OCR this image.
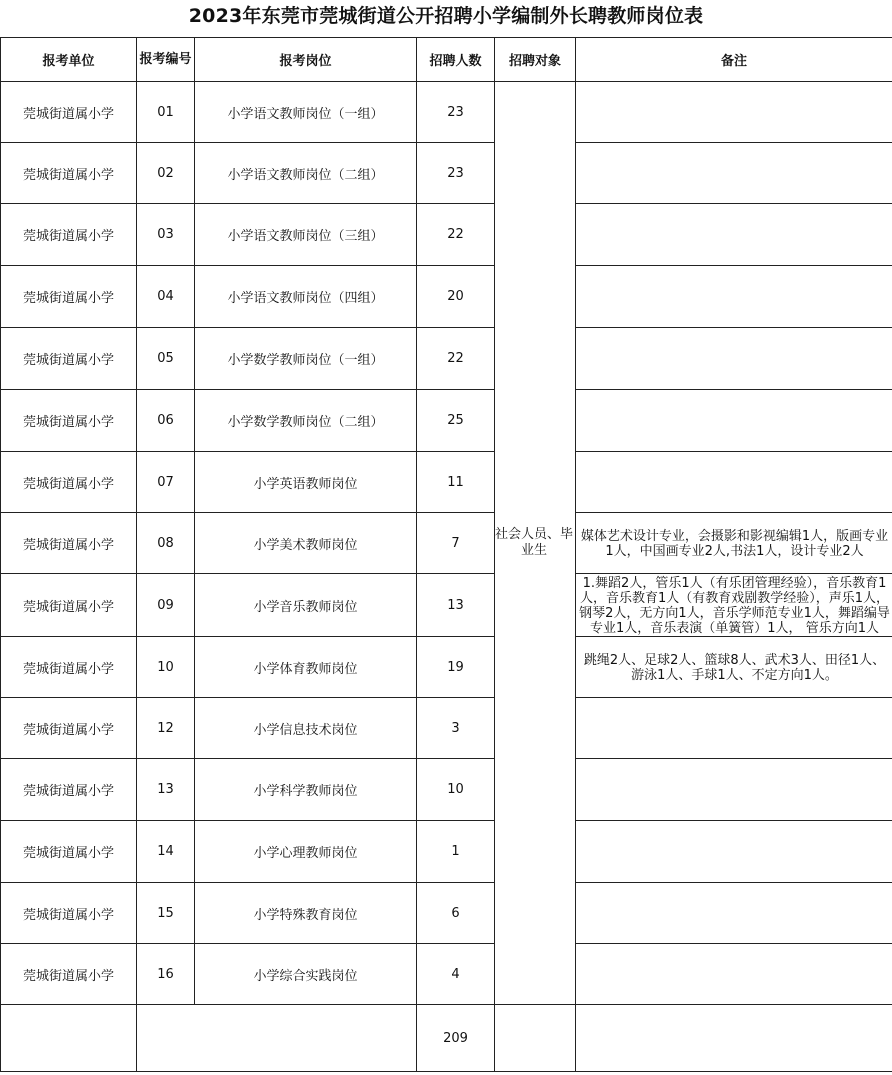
2023年东莞市莞城街道公开招聘小学编制外长聘教师岗位表
报考单位	报考编号	报考岗位	招聘人数	招聘对象	备注
莞城街道属小学	01	小学语文教师岗位（一组）	23	社会人员、毕业生	
莞城街道属小学	02	小学语文教师岗位（二组）	23		
莞城街道属小学	03	小学语文教师岗位（三组）	22		
莞城街道属小学	04	小学语文教师岗位（四组）	20		
莞城街道属小学	05	小学数学教师岗位（一组）	22		
莞城街道属小学	06	小学数学教师岗位（二组）	25		
莞城街道属小学	07	小学英语教师岗位	11		
莞城街道属小学	08	小学美术教师岗位	7		媒体艺术设计专业，会摄影和影视编辑1人，版画专业1人，中国画专业2人,书法1人，设计专业2人
莞城街道属小学	09	小学音乐教师岗位	13		1.舞蹈2人，管乐1人（有乐团管理经验），音乐教育1人，音乐教育1人（有教育戏剧教学经验），声乐1人，钢琴2人，无方向1人，音乐学师范专业1人，舞蹈编导专业1人，音乐表演（单簧管）1人， 管乐方向1人
莞城街道属小学	10	小学体育教师岗位	19		跳绳2人、足球2人、篮球8人、武术3人、田径1人、游泳1人、手球1人、不定方向1人。
莞城街道属小学	12	小学信息技术岗位	3		
莞城街道属小学	13	小学科学教师岗位	10		
莞城街道属小学	14	小学心理教师岗位	1		
莞城街道属小学	15	小学特殊教育岗位	6		
莞城街道属小学	16	小学综合实践岗位	4		
			209		
